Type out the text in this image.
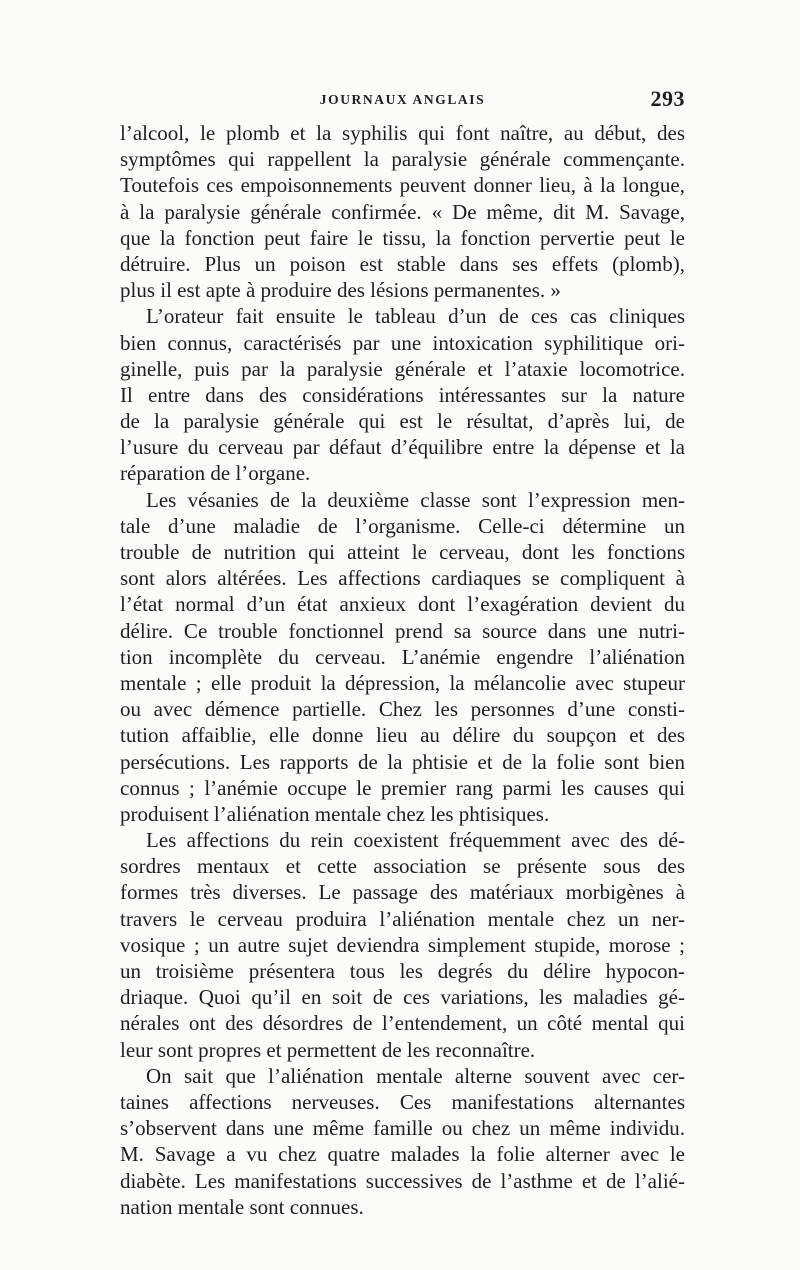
JOURNAUX ANGLAIS	293
l’alcool, le plomb et la syphilis qui font naître, au début, des
symptômes qui rappellent la paralysie générale commençante.
Toutefois ces empoisonnements peuvent donner lieu, à la longue,
à la paralysie générale confirmée. « De même, dit M. Savage,
que la fonction peut faire le tissu, la fonction pervertie peut le
détruire. Plus un poison est stable dans ses effets (plomb),
plus il est apte à produire des lésions permanentes. »
L’orateur fait ensuite le tableau d’un de ces cas cliniques
bien connus, caractérisés par une intoxication syphilitique ori-
ginelle, puis par la paralysie générale et l’ataxie locomotrice.
Il entre dans des considérations intéressantes sur la nature
de la paralysie générale qui est le résultat, d’après lui, de
l’usure du cerveau par défaut d’équilibre entre la dépense et la
réparation de l’organe.
Les vésanies de la deuxième classe sont l’expression men-
tale d’une maladie de l’organisme. Celle-ci détermine un
trouble de nutrition qui atteint le cerveau, dont les fonctions
sont alors altérées. Les affections cardiaques se compliquent à
l’état normal d’un état anxieux dont l’exagération devient du
délire. Ce trouble fonctionnel prend sa source dans une nutri-
tion incomplète du cerveau. L’anémie engendre l’aliénation
mentale ; elle produit la dépression, la mélancolie avec stupeur
ou avec démence partielle. Chez les personnes d’une consti-
tution affaiblie, elle donne lieu au délire du soupçon et des
persécutions. Les rapports de la phtisie et de la folie sont bien
connus ; l’anémie occupe le premier rang parmi les causes qui
produisent l’aliénation mentale chez les phtisiques.
Les affections du rein coexistent fréquemment avec des dé-
sordres mentaux et cette association se présente sous des
formes très diverses. Le passage des matériaux morbigènes à
travers le cerveau produira l’aliénation mentale chez un ner-
vosique ; un autre sujet deviendra simplement stupide, morose ;
un troisième présentera tous les degrés du délire hypocon-
driaque. Quoi qu’il en soit de ces variations, les maladies gé-
nérales ont des désordres de l’entendement, un côté mental qui
leur sont propres et permettent de les reconnaître.
On sait que l’aliénation mentale alterne souvent avec cer-
taines affections nerveuses. Ces manifestations alternantes
s’observent dans une même famille ou chez un même individu.
M. Savage a vu chez quatre malades la folie alterner avec le
diabète. Les manifestations successives de l’asthme et de l’alié-
nation mentale sont connues.
